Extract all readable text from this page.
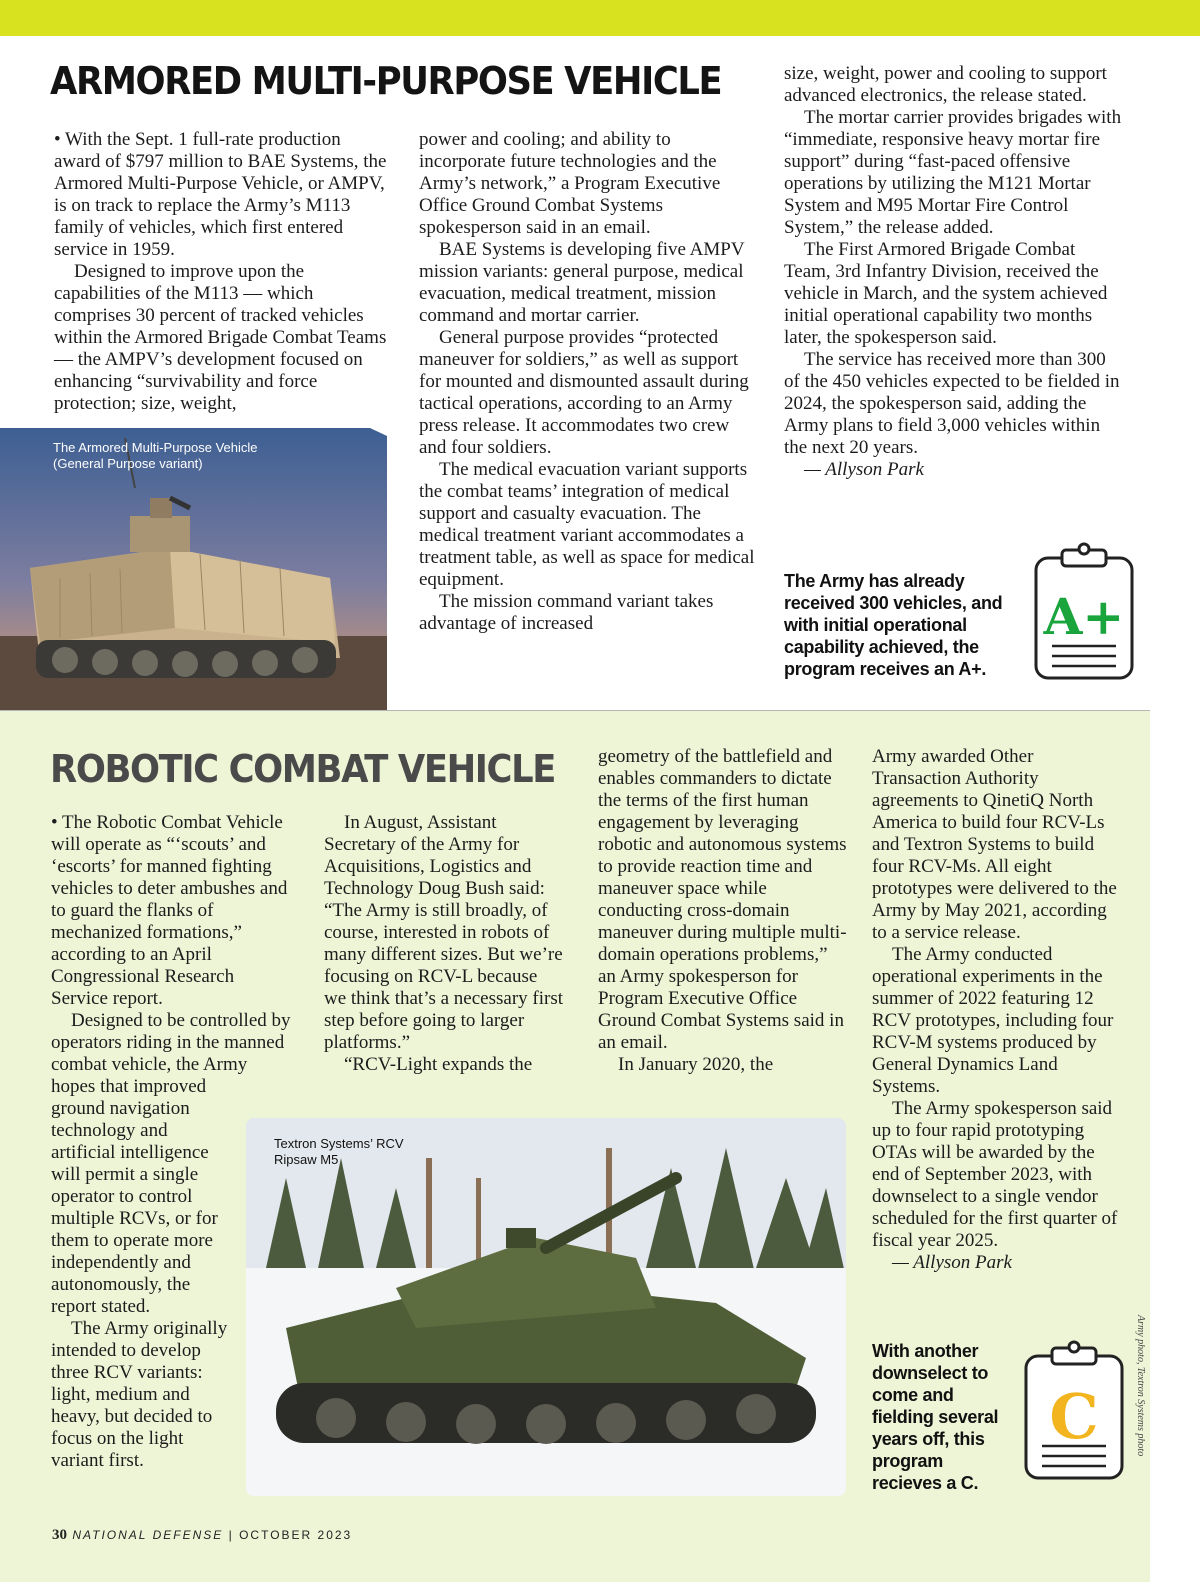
ARMORED MULTI-PURPOSE VEHICLE

• With the Sept. 1 full-rate production award of $797 million to BAE Systems, the Armored Multi-Purpose Vehicle, or AMPV, is on track to replace the Army’s M113 family of vehicles, which first entered service in 1959.

Designed to improve upon the capabilities of the M113 — which comprises 30 percent of tracked vehicles within the Armored Brigade Combat Teams — the AMPV’s development focused on enhancing “survivability and force protection; size, weight,

The Armored Multi-Purpose Vehicle (General Purpose variant)

power and cooling; and ability to incorporate future technologies and the Army’s network,” a Program Executive Office Ground Combat Systems spokesperson said in an email.

BAE Systems is developing five AMPV mission variants: general purpose, medical evacuation, medical treatment, mission command and mortar carrier.

General purpose provides “protected maneuver for soldiers,” as well as support for mounted and dismounted assault during tactical operations, according to an Army press release. It accommodates two crew and four soldiers.

The medical evacuation variant supports the combat teams’ integration of medical support and casualty evacuation. The medical treatment variant accommodates a treatment table, as well as space for medical equipment.

The mission command variant takes advantage of increased

size, weight, power and cooling to support advanced electronics, the release stated.

The mortar carrier provides brigades with “immediate, responsive heavy mortar fire support” during “fast-paced offensive operations by utilizing the M121 Mortar System and M95 Mortar Fire Control System,” the release added.

The First Armored Brigade Combat Team, 3rd Infantry Division, received the vehicle in March, and the system achieved initial operational capability two months later, the spokesperson said.

The service has received more than 300 of the 450 vehicles expected to be fielded in 2024, the spokesperson said, adding the Army plans to field 3,000 vehicles within the next 20 years.

— Allyson Park

The Army has already received 300 vehicles, and with initial operational capability achieved, the program receives an A+.
A+
ROBOTIC COMBAT VEHICLE

• The Robotic Combat Vehicle will operate as “‘scouts’ and ‘escorts’ for manned fighting vehicles to deter ambushes and to guard the flanks of mechanized formations,” according to an April Congressional Research Service report.

Designed to be controlled by operators riding in the manned combat vehicle, the Army hopes that improved

ground navigation technology and artificial intelligence will permit a single operator to control multiple RCVs, or for them to operate more independently and autonomously, the report stated.

The Army originally intended to develop three RCV variants: light, medium and heavy, but decided to focus on the light variant first.

In August, Assistant Secretary of the Army for Acquisitions, Logistics and Technology Doug Bush said: “The Army is still broadly, of course, interested in robots of many different sizes. But we’re focusing on RCV-L because we think that’s a necessary first step before going to larger platforms.”

“RCV-Light expands the

geometry of the battlefield and enables commanders to dictate the terms of the first human engagement by leveraging robotic and autonomous systems to provide reaction time and maneuver space while conducting cross-domain maneuver during multiple multi-domain operations problems,” an Army spokesperson for Program Executive Office Ground Combat Systems said in an email.

In January 2020, the

Army awarded Other Transaction Authority agreements to QinetiQ North America to build four RCV-Ls and Textron Systems to build four RCV-Ms. All eight prototypes were delivered to the Army by May 2021, according to a service release.

The Army conducted operational experiments in the summer of 2022 featuring 12 RCV prototypes, including four RCV-M systems produced by General Dynamics Land Systems.

The Army spokesperson said up to four rapid prototyping OTAs will be awarded by the end of September 2023, with downselect to a single vendor scheduled for the first quarter of fiscal year 2025.

— Allyson Park

Textron Systems’ RCV Ripsaw M5
With another downselect to come and fielding several years off, this program recieves a C.
C	Army photo, Textron Systems photo
30 NATIONAL DEFENSE | OCTOBER 2023
